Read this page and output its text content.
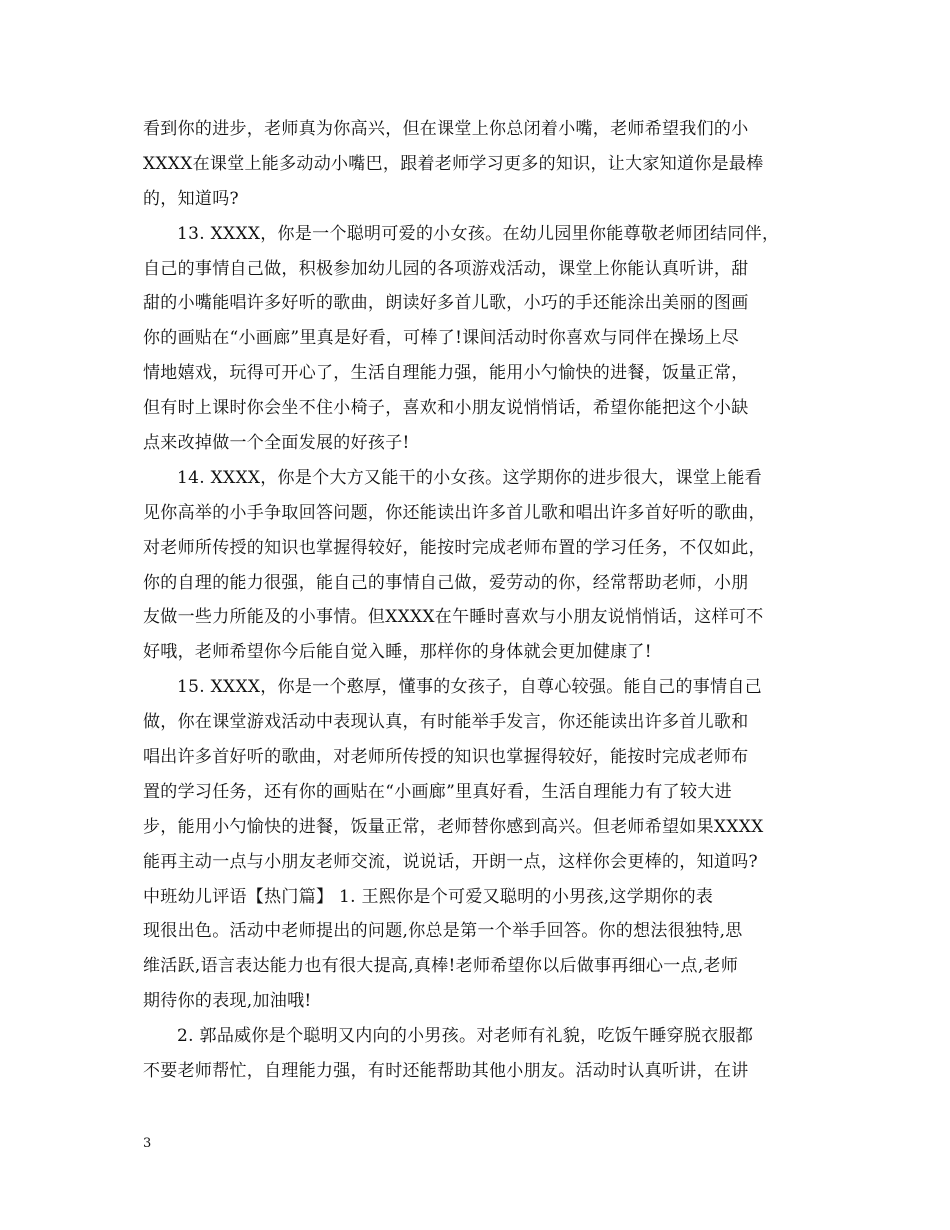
看到你的进步，老师真为你高兴，但在课堂上你总闭着小嘴，老师希望我们的小
XXXX在课堂上能多动动小嘴巴，跟着老师学习更多的知识，让大家知道你是最棒
的，知道吗?
13. XXXX，你是一个聪明可爱的小女孩。在幼儿园里你能尊敬老师团结同伴，
自己的事情自己做，积极参加幼儿园的各项游戏活动，课堂上你能认真听讲，甜
甜的小嘴能唱许多好听的歌曲，朗读好多首儿歌，小巧的手还能涂出美丽的图画
你的画贴在“小画廊”里真是好看，可棒了!课间活动时你喜欢与同伴在操场上尽
情地嬉戏，玩得可开心了，生活自理能力强，能用小勺愉快的进餐，饭量正常，
但有时上课时你会坐不住小椅子，喜欢和小朋友说悄悄话，希望你能把这个小缺
点来改掉做一个全面发展的好孩子!
14. XXXX，你是个大方又能干的小女孩。这学期你的进步很大，课堂上能看
见你高举的小手争取回答问题，你还能读出许多首儿歌和唱出许多首好听的歌曲，
对老师所传授的知识也掌握得较好，能按时完成老师布置的学习任务，不仅如此，
你的自理的能力很强，能自己的事情自己做，爱劳动的你，经常帮助老师，小朋
友做一些力所能及的小事情。但XXXX在午睡时喜欢与小朋友说悄悄话，这样可不
好哦，老师希望你今后能自觉入睡，那样你的身体就会更加健康了!
15. XXXX，你是一个憨厚，懂事的女孩子，自尊心较强。能自己的事情自己
做，你在课堂游戏活动中表现认真，有时能举手发言，你还能读出许多首儿歌和
唱出许多首好听的歌曲，对老师所传授的知识也掌握得较好，能按时完成老师布
置的学习任务，还有你的画贴在“小画廊”里真好看，生活自理能力有了较大进
步，能用小勺愉快的进餐，饭量正常，老师替你感到高兴。但老师希望如果XXXX
能再主动一点与小朋友老师交流，说说话，开朗一点，这样你会更棒的，知道吗?
中班幼儿评语【热门篇】 1. 王熙你是个可爱又聪明的小男孩,这学期你的表
现很出色。活动中老师提出的问题,你总是第一个举手回答。你的想法很独特,思
维活跃,语言表达能力也有很大提高,真棒!老师希望你以后做事再细心一点,老师
期待你的表现,加油哦!
2. 郭品威你是个聪明又内向的小男孩。对老师有礼貌，吃饭午睡穿脱衣服都
不要老师帮忙，自理能力强，有时还能帮助其他小朋友。活动时认真听讲，在讲
3
